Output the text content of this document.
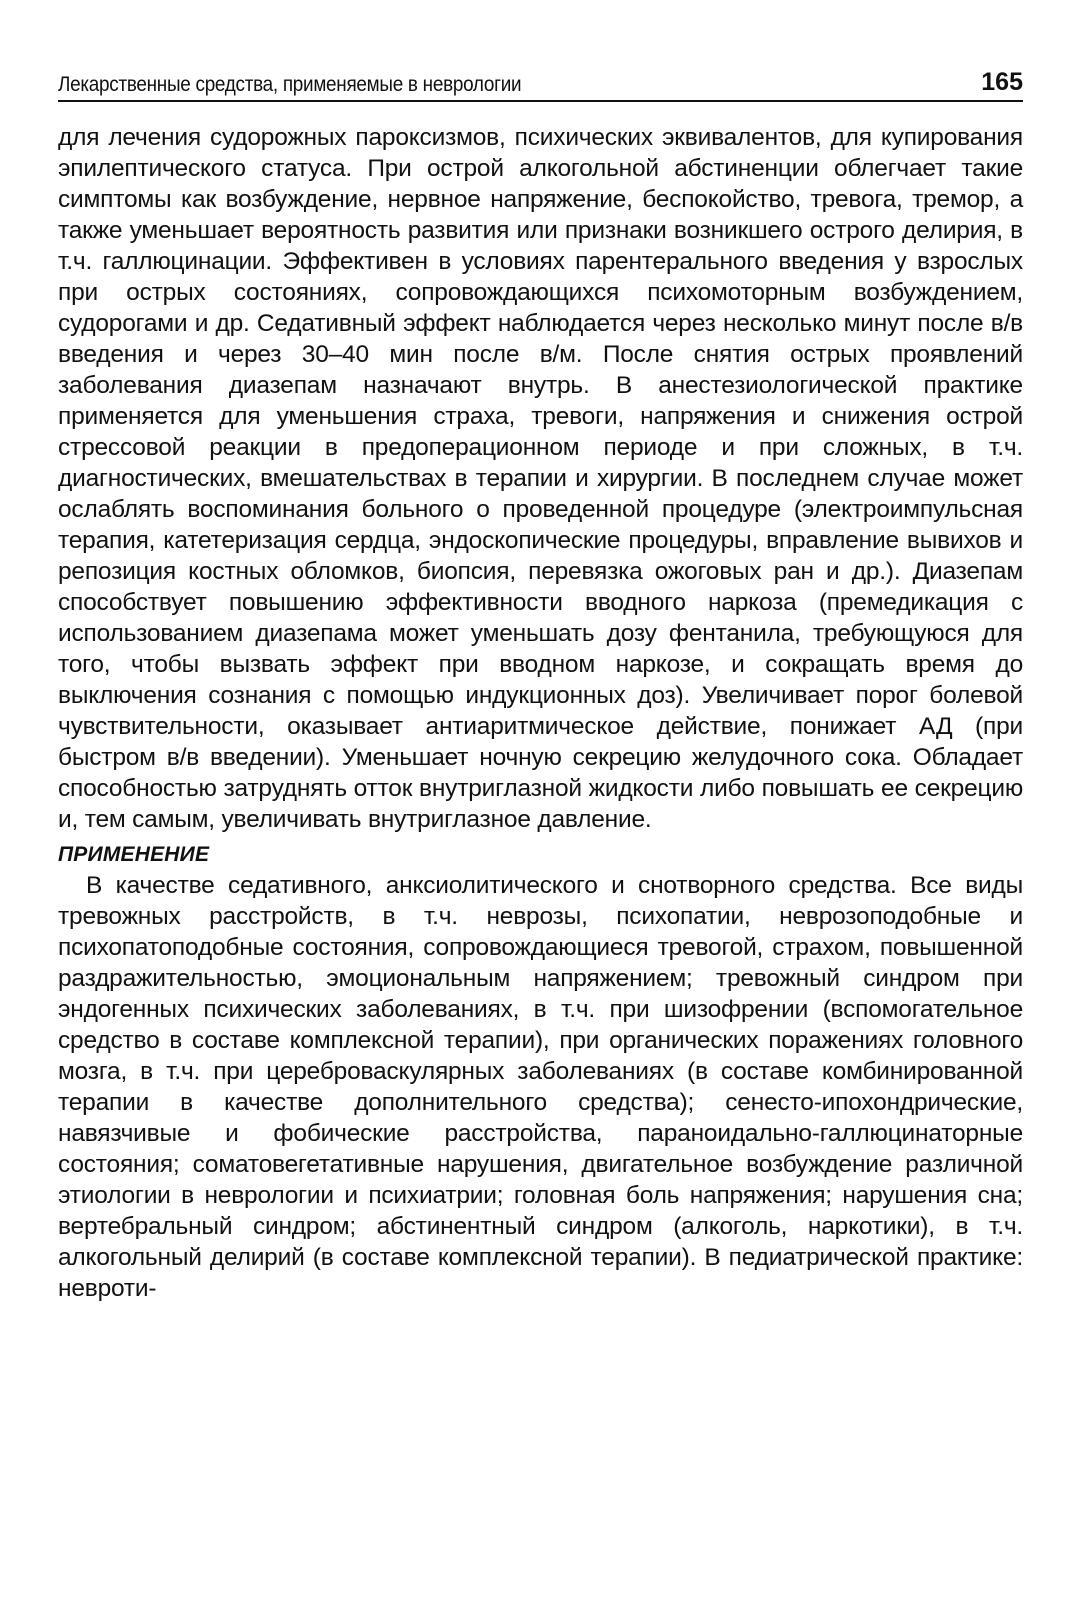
Лекарственные средства, применяемые в неврологии	165

для лечения судорожных пароксизмов, психических эквивалентов, для купирования эпилептического статуса. При острой алкогольной абстиненции облегчает такие симптомы как возбуждение, нервное напряжение, беспокойство, тревога, тремор, а также уменьшает вероятность развития или признаки возникшего острого делирия, в т.ч. галлюцинации. Эффективен в условиях парентерального введения у взрослых при острых состояниях, сопровождающихся психомоторным возбуждением, судорогами и др. Седативный эффект наблюдается через несколько минут после в/в введения и через 30–40 мин после в/м. После снятия острых проявлений заболевания диазепам назначают внутрь. В анестезиологической практике применяется для уменьшения страха, тревоги, напряжения и снижения острой стрессовой реакции в предоперационном периоде и при сложных, в т.ч. диагностических, вмешательствах в терапии и хирургии. В последнем случае может ослаблять воспоминания больного о проведенной процедуре (электроимпульсная терапия, катетеризация сердца, эндоскопические процедуры, вправление вывихов и репозиция костных обломков, биопсия, перевязка ожоговых ран и др.). Диазепам способствует повышению эффективности вводного наркоза (премедикация с использованием диазепама может уменьшать дозу фентанила, требующуюся для того, чтобы вызвать эффект при вводном наркозе, и сокращать время до выключения сознания с помощью индукционных доз). Увеличивает порог болевой чувствительности, оказывает антиаритмическое действие, понижает АД (при быстром в/в введении). Уменьшает ночную секрецию желудочного сока. Обладает способностью затруднять отток внутриглазной жидкости либо повышать ее секрецию и, тем самым, увеличивать внутриглазное давление.

ПРИМЕНЕНИЕ

В качестве седативного, анксиолитического и снотворного средства. Все виды тревожных расстройств, в т.ч. неврозы, психопатии, неврозоподобные и психопатоподобные состояния, сопровождающиеся тревогой, страхом, повышенной раздражительностью, эмоциональным напряжением; тревожный синдром при эндогенных психических заболеваниях, в т.ч. при шизофрении (вспомогательное средство в составе комплексной терапии), при органических поражениях головного мозга, в т.ч. при цереброваскулярных заболеваниях (в составе комбинированной терапии в качестве дополнительного средства); сенесто-ипохондрические, навязчивые и фобические расстройства, параноидально-галлюцинаторные состояния; соматовегетативные нарушения, двигательное возбуждение различной этиологии в неврологии и психиатрии; головная боль напряжения; нарушения сна; вертебральный синдром; абстинентный синдром (алкоголь, наркотики), в т.ч. алкогольный делирий (в составе комплексной терапии). В педиатрической практике: невроти-
